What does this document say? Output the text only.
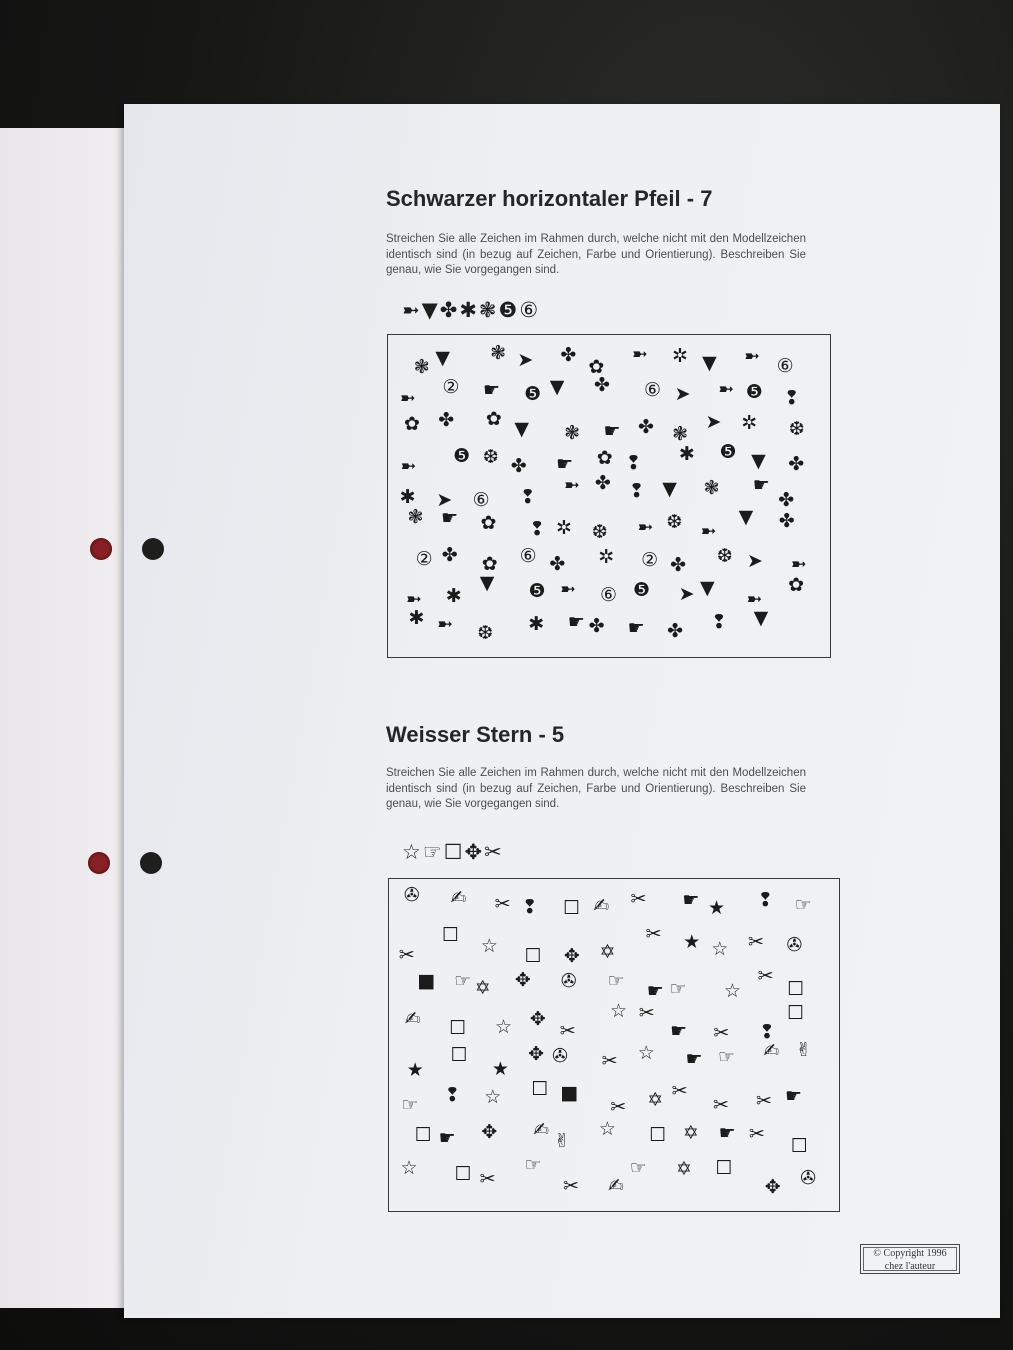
Schwarzer horizontaler Pfeil - 7
Streichen Sie alle Zeichen im Rahmen durch, welche nicht mit den Modellzeichen identisch sind (in bezug auf Zeichen, Farbe und Orientierung). Beschreiben Sie genau, wie Sie vorgegangen sind.
➼▼✤✱❃❺⑥
❃ ▼ ❃ ➤ ✤
✿
➼ ✲ ▼ ➼ ⑥
➼
② ☛ ❺ ▼ ✤ ⑥ ➤ ➼ ❺ ❢
✿ ✤ ✿ ▼ ❃ ☛ ✤ ❃
➤ ✲ ❆
➼ ❺ ❆ ✤ ☛ ✿ ❢ ✱ ❺ ▼ ✤
✱ ➤ ⑥ ❢
➼ ✤ ❢ ▼ ❃ ☛
✤
❃ ☛ ✿ ❢ ✲ ❆ ➼ ❆ ➼
▼ ✤
② ✤ ✿ ⑥ ✤ ✲ ② ✤ ❆ ➤ ➼
➼ ✱
▼ ❺ ➼ ⑥ ❺ ➤ ▼ ➼
✿
✱ ➼ ❆ ✱ ☛ ✤ ☛ ✤ ❢ ▼
Weisser Stern - 5
Streichen Sie alle Zeichen im Rahmen durch, welche nicht mit den Modellzeichen identisch sind (in bezug auf Zeichen, Farbe und Orientierung). Beschreiben Sie genau, wie Sie vorgegangen sind.
☆☞☐✥✂
✇ ✍ ✂ ❢ ☐ ✍ ✂ ☛ ★ ❢ ☞
✂
☐ ☆ ☐ ✥ ✡
✂ ★ ☆ ✂ ✇
■ ☞ ✡ ✥ ✇ ☞ ☛ ☞ ☆
✂
☐
✍ ☐ ☆ ✥
✂
☆ ✂
☛ ✂ ❢
☐
★
☐
★
✥ ✇ ✂ ☆ ☛ ☞ ✍ ✌
☞ ❢ ☆ ☐ ■
✂ ✡ ✂
✂ ✂ ☛
☐ ☛ ✥ ✍ ✌
☆ ☐ ✡ ☛ ✂
☐
☆ ☐ ✂
☞
✂ ✍
☞ ✡ ☐
✥ ✇
© Copyright 1996
chez l'auteur
